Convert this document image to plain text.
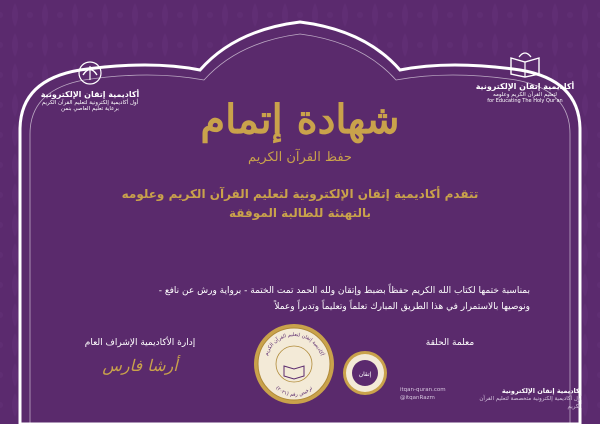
أكاديمية إتقان الإلكترونية
لتعليم القرآن الكريم وعلومه
for Educating The Holy Qur'an
أكاديمية إتقان الإلكترونية
أول أكاديمية إلكترونية لتعليم القرآن الكريم
برعاية تعليم العاصي بنمن	شهادة إتمام
حفظ القرآن الكريم
تتقدم أكاديمية إتقان الإلكترونية لتعليم القرآن الكريم وعلومه
بالتهنئة للطالبة الموفقة
بمناسبة ختمها لكتاب الله الكريم حفظاً بضبط وإتقان ولله الحمد تمت الختمة - برواية ورش عن نافع -
ونوصيها بالاستمرار في هذا الطريق المبارك تعلماً وتعليماً وتدبراً وعملاً
إدارة الأكاديمية الإشراف العام
أرشا فارس
معلمة الحلقة
أكاديمية إتقان لتعليم القرآن الكريم
ترخيص رقم (٢٠٢١)
إتقان
itqan-quran.com
@itqanRazm
أكاديمية إتقان الإلكترونية
أول أكاديمية إلكترونية متخصصة لتعليم القرآن الكريم
